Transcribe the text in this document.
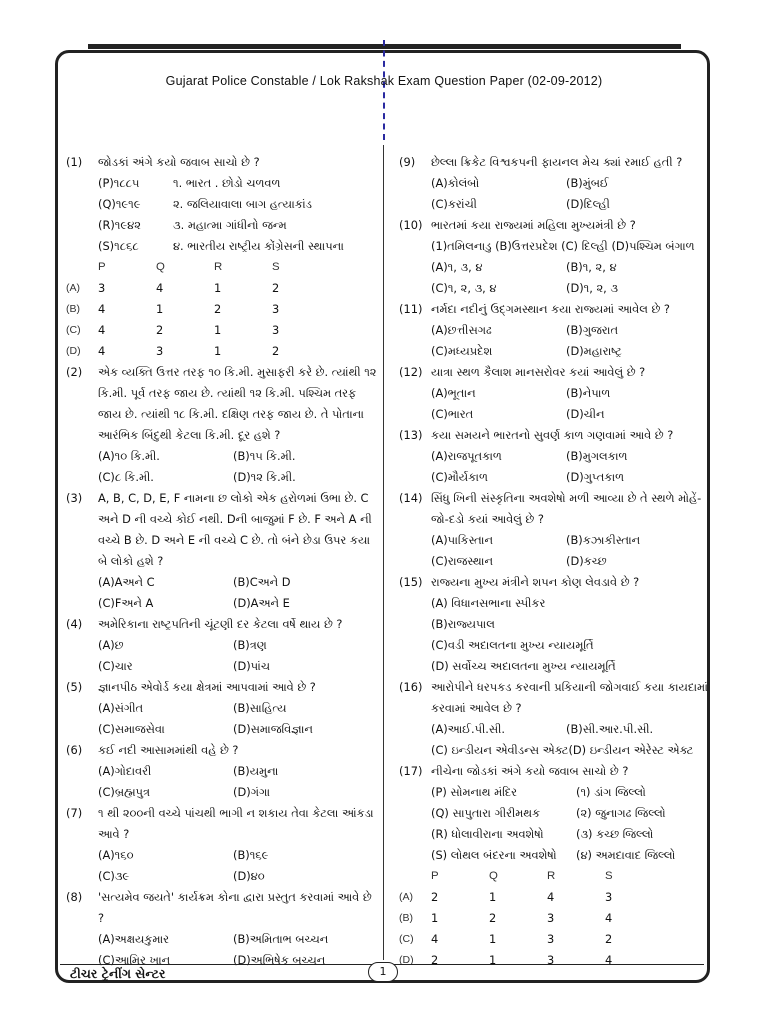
Gujarat Police Constable / Lok Rakshak Exam Question Paper (02-09-2012)
(1)	જોડકાં અંગે કયો જવાબ સાચો છે ?
(P)૧૮૮૫	૧. ભારત . છોડો ચળવળ
(Q)૧૯૧૯	૨. જલિયાવાલા બાગ હત્યાકાંડ
(R)૧૯૪૨	૩. મહાત્મા ગાંધીનો જન્મ
(S)૧૮૬૮	૪. ભારતીય રાષ્ટ્રીય કોંગ્રેસની સ્થાપના
P	Q	R	S
(A)	3	4	1	2
(B)	4	1	2	3
(C)	4	2	1	3
(D)	4	3	1	2
(2)	એક વ્યક્તિ ઉત્તર તરફ ૧૦ કિ.મી. મુસાફરી કરે છે. ત્યાંથી ૧૨ કિ.મી. પૂર્વ તરફ જાય છે. ત્યાંથી ૧૨ કિ.મી. પશ્ચિમ તરફ જાય છે. ત્યાંથી ૧૮ કિ.મી. દક્ષિણ તરફ જાય છે. તે પોતાના આરંભિક બિંદુથી કેટલા કિ.મી. દૂર હશે ?
(A)૧૦ કિ.મી.	(B)૧૫ કિ.મી.
(C)૮ કિ.મી.	(D)૧૨ કિ.મી.
(3)	A, B, C, D, E, F નામના છ લોકો એક હરોળમાં ઉભા છે. C અને D ની વચ્ચે કોઈ નથી. Dની બાજુમાં F છે. F અને A ની વચ્ચે B છે. D અને E ની વચ્ચે C છે. તો બંને છેડા ઉપર કયા બે લોકો હશે ?
(A)Aઅને C	(B)Cઅને D
(C)Fઅને A	(D)Aઅને E
(4)	અમેરિકાના રાષ્ટ્રપતિની ચૂંટણી દર કેટલા વર્ષે થાય છે ?
(A)છ	(B)ત્રણ
(C)ચાર	(D)પાંચ
(5)	જ્ઞાનપીઠ એવોર્ડ કયા ક્ષેત્રમાં આપવામાં આવે છે ?
(A)સંગીત	(B)સાહિત્ય
(C)સમાજસેવા	(D)સમાજવિજ્ઞાન
(6)	કઈ નદી આસામમાંથી વહે છે ?
(A)ગોદાવરી	(B)યમુના
(C)બ્રહ્મપુત્ર	(D)ગંગા
(7)	૧ થી ૨૦૦ની વચ્ચે પાંચથી ભાગી ન શકાય તેવા કેટલા આંકડા આવે ?
(A)૧૬૦	(B)૧૬૯
(C)૩૯	(D)૪૦
(8)	'સત્યમેવ જયતે' કાર્યક્રમ કોના દ્વારા પ્રસ્તુત કરવામાં આવે છે ?
(A)અક્ષયકુમાર	(B)અમિતાભ બચ્ચન
(C)આમિર ખાન	(D)અભિષેક બચ્ચન
(9)	છેલ્લા ક્રિકેટ વિશ્વકપની ફાયનલ મેચ ક્યાં રમાઈ હતી ?
(A)કોલંબો	(B)મુંબઈ
(C)કરાંચી	(D)દિલ્હી
(10) ભારતમાં કયા રાજ્યમાં મહિલા મુખ્યમંત્રી છે ?
(1)તમિલનાડુ (B)ઉત્તરપ્રદેશ (C) દિલ્હી (D)પશ્ચિમ બંગાળ
(A)૧, ૩, ૪	(B)૧, ૨, ૪
(C)૧, ૨, ૩, ૪	(D)૧, ૨, ૩
(11) નર્મદા નદીનું ઉદ્ગમસ્થાન કયા રાજ્યમાં આવેલ છે ?
(A)છત્તીસગઢ	(B)ગુજરાત
(C)મધ્યપ્રદેશ	(D)મહારાષ્ટ્ર
(12) યાત્રા સ્થળ કૈલાશ માનસરોવર કયાં આવેલું છે ?
(A)ભૂતાન	(B)નેપાળ
(C)ભારત	(D)ચીન
(13) કયા સમયને ભારતનો સુવર્ણ કાળ ગણવામાં આવે છે ?
(A)રાજપૂતકાળ	(B)મુગલકાળ
(C)મૌર્યકાળ	(D)ગુપ્તકાળ
(14) સિંધુ ખિની સંસ્કૃતિના અવશેષો મળી આવ્યા છે તે સ્થળે મોહેં-જો-દડો કયાં આવેલું છે ?
(A)પાકિસ્તાન	(B)કઝાકીસ્તાન
(C)રાજસ્થાન	(D)કચ્છ
(15) રાજ્યના મુખ્ય મંત્રીને શપન કોણ લેવડાવે છે ?
(A) વિધાનસભાના સ્પીકર
(B)રાજ્યપાલ
(C)વડી અદાલતના મુખ્ય ન્યાયમૂર્તિ
(D) સર્વોચ્ચ અદાલતના મુખ્ય ન્યાયમૂર્તિ
(16) આરોપીને ધરપકડ કરવાની પ્રકિયાની જોગવાઈ કયા કાયદામાં કરવામાં આવેલ છે ?
(A)આઈ.પી.સી.	(B)સી.આર.પી.સી.
(C) ઇન્ડીયન એવીડન્સ એક્ટ(D) ઇન્ડીયન એરેસ્ટ એક્ટ
(17) નીચેના જોડકાં અંગે કયો જવાબ સાચો છે ?
(P) સોમનાથ મંદિર	(૧) ડાંગ જિલ્લો
(Q) સાપુતારા ગીરીમથક	(૨) જુનાગઢ જિલ્લો
(R) ધોલાવીરાના અવશેષો	(૩) કચ્છ જિલ્લો
(S) લોથલ બંદરના અવશેષો	(૪) અમદાવાદ જિલ્લો
P	Q	R	S
(A)	2	1	4	3
(B)	1	2	3	4
(C)	4	1	3	2
(D)	2	1	3	4
ટીચર ટ્રેનીંગ સેન્ટર	1
